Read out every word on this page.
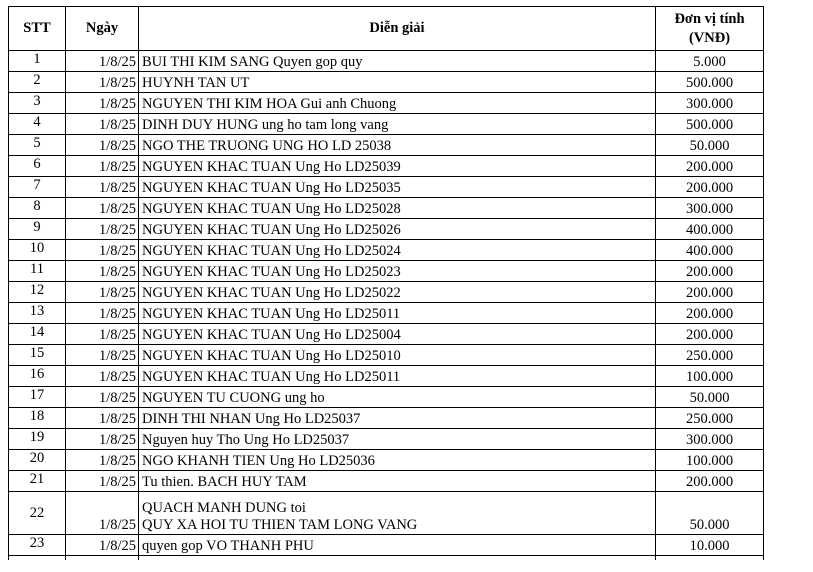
STT	Ngày	Diễn giải	Đơn vị tính
(VNĐ)
1	1/8/25	BUI THI KIM SANG Quyen gop quy	5.000
2	1/8/25	HUYNH TAN UT	500.000
3	1/8/25	NGUYEN THI KIM HOA Gui anh Chuong	300.000
4	1/8/25	DINH DUY HUNG ung ho tam long vang	500.000
5	1/8/25	NGO THE TRUONG UNG HO LD 25038	50.000
6	1/8/25	NGUYEN KHAC TUAN Ung Ho LD25039	200.000
7	1/8/25	NGUYEN KHAC TUAN Ung Ho LD25035	200.000
8	1/8/25	NGUYEN KHAC TUAN Ung Ho LD25028	300.000
9	1/8/25	NGUYEN KHAC TUAN Ung Ho LD25026	400.000
10	1/8/25	NGUYEN KHAC TUAN Ung Ho LD25024	400.000
11	1/8/25	NGUYEN KHAC TUAN Ung Ho LD25023	200.000
12	1/8/25	NGUYEN KHAC TUAN Ung Ho LD25022	200.000
13	1/8/25	NGUYEN KHAC TUAN Ung Ho LD25011	200.000
14	1/8/25	NGUYEN KHAC TUAN Ung Ho LD25004	200.000
15	1/8/25	NGUYEN KHAC TUAN Ung Ho LD25010	250.000
16	1/8/25	NGUYEN KHAC TUAN Ung Ho LD25011	100.000
17	1/8/25	NGUYEN TU CUONG ung ho	50.000
18	1/8/25	DINH THI NHAN Ung Ho LD25037	250.000
19	1/8/25	Nguyen huy Tho Ung Ho LD25037	300.000
20	1/8/25	NGO KHANH TIEN Ung Ho LD25036	100.000
21	1/8/25	Tu thien. BACH HUY TAM	200.000
22	1/8/25	QUACH MANH DUNG toi
QUY XA HOI TU THIEN TAM LONG VANG	50.000
23	1/8/25	quyen gop VO THANH PHU	10.000
